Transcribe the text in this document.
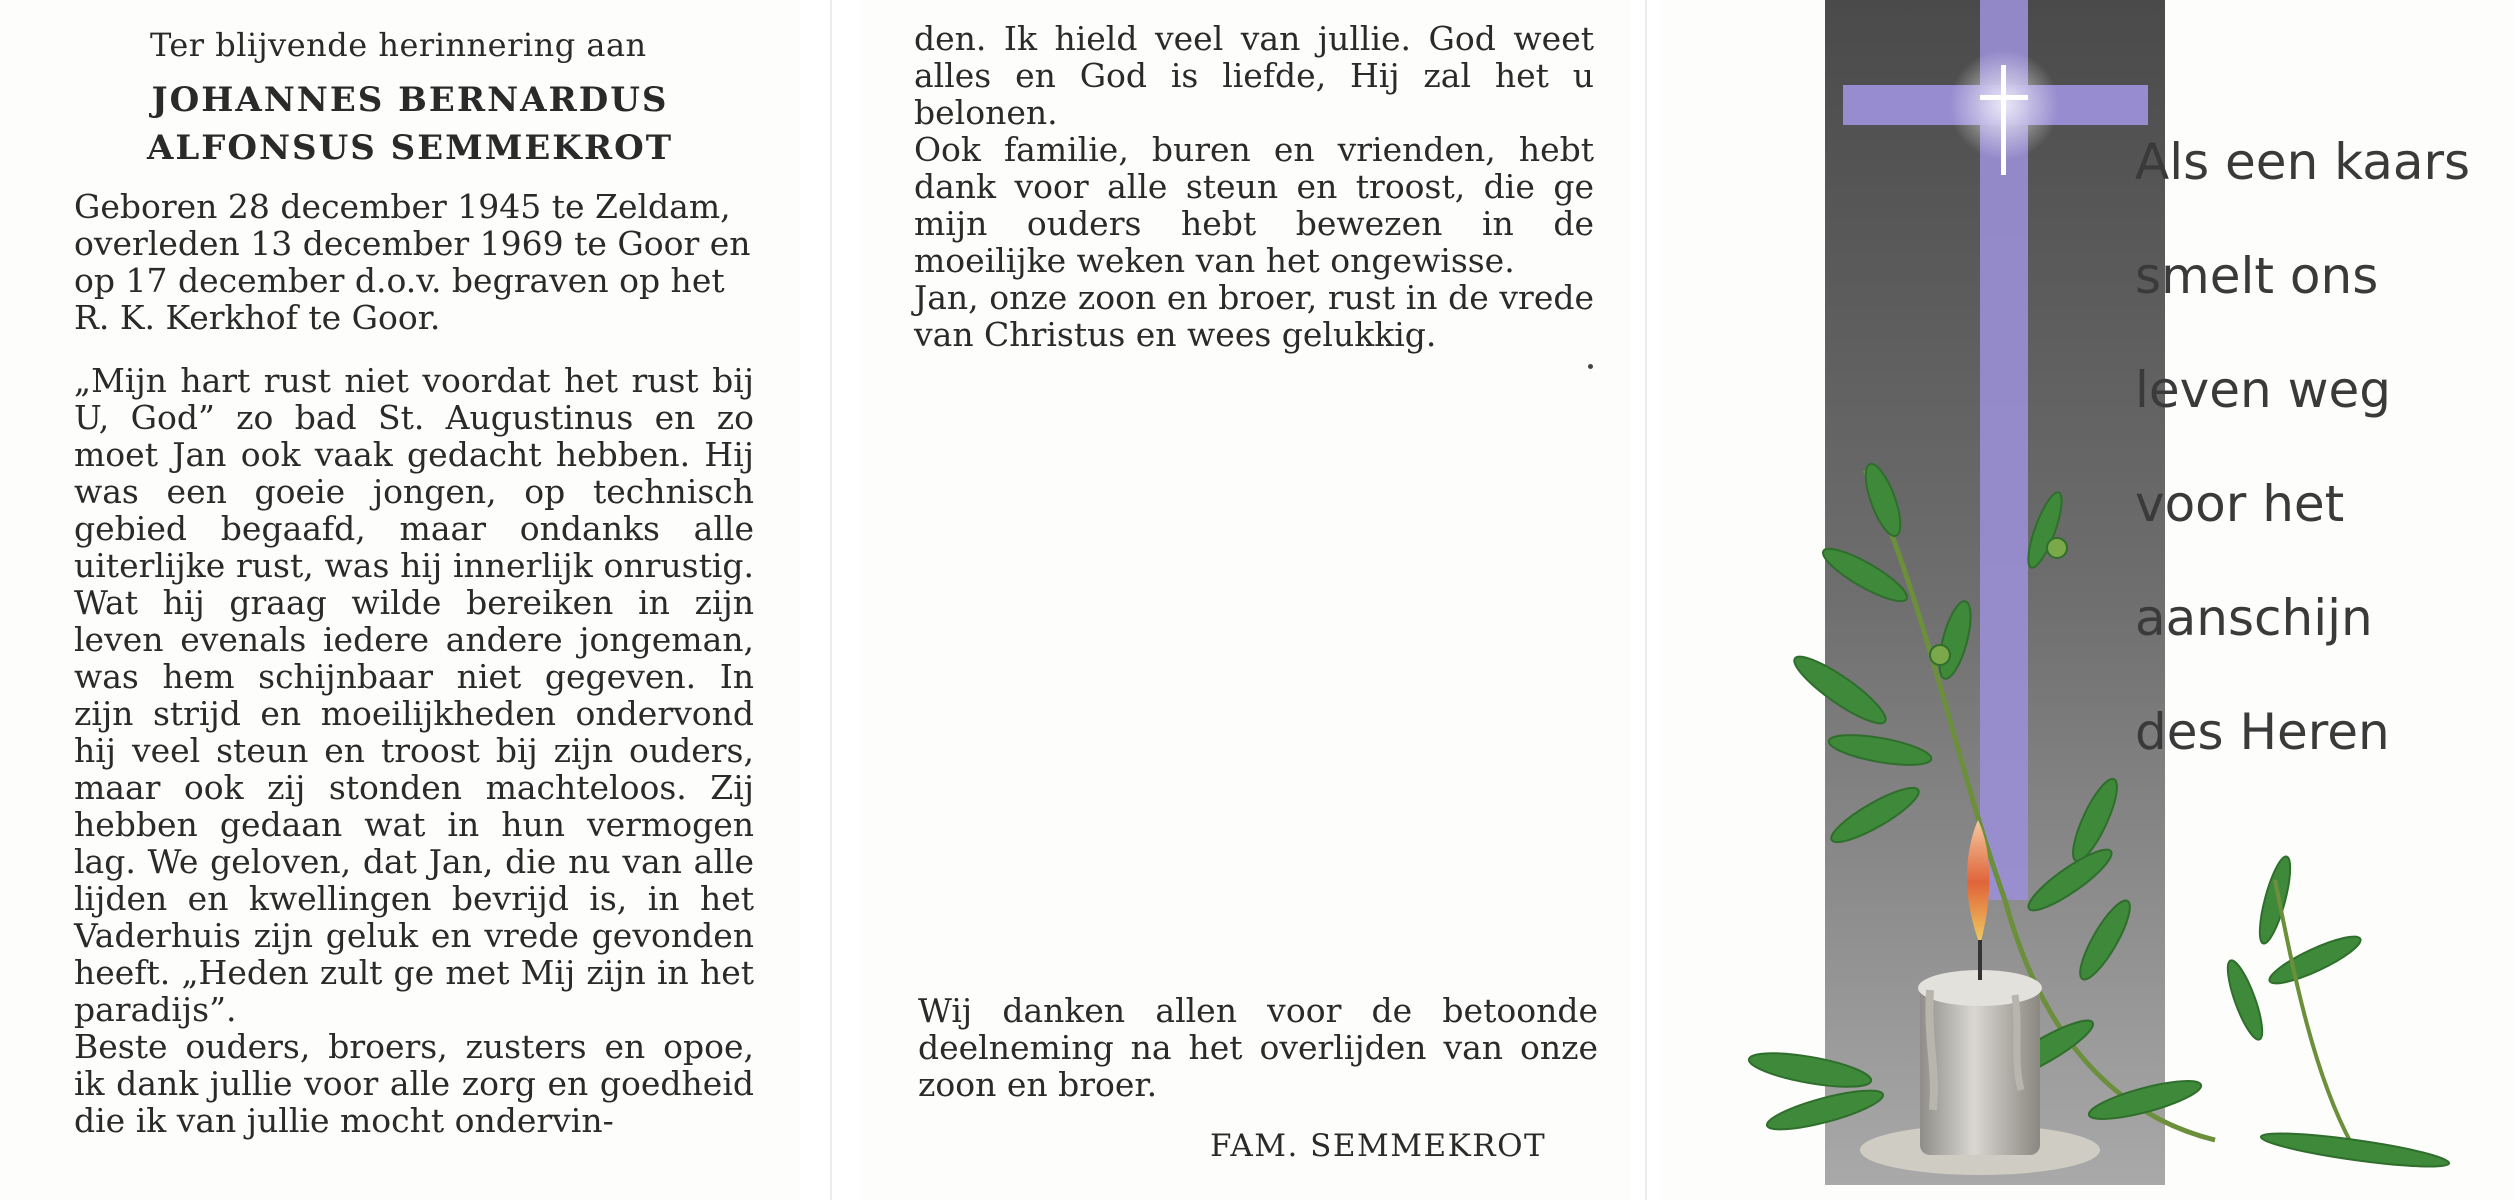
Ter blijvende herinnering aan
JOHANNES BERNARDUS
ALFONSUS SEMMEKROT

Geboren 28 december 1945 te Zeldam, overleden 13 december 1969 te Goor en op 17 december d.o.v. begraven op het R. K. Kerkhof te Goor.

„Mijn hart rust niet voordat het rust bij U, God” zo bad St. Augustinus en zo moet Jan ook vaak gedacht hebben. Hij was een goeie jongen, op technisch gebied begaafd, maar ondanks alle uiterlijke rust, was hij innerlijk onrustig. Wat hij graag wilde bereiken in zijn leven evenals iedere andere jongeman, was hem schijnbaar niet gegeven. In zijn strijd en moeilijkheden ondervond hij veel steun en troost bij zijn ouders, maar ook zij stonden machteloos. Zij hebben gedaan wat in hun vermogen lag. We geloven, dat Jan, die nu van alle lijden en kwellingen bevrijd is, in het Vaderhuis zijn geluk en vrede gevonden heeft. „Heden zult ge met Mij zijn in het paradijs”.
Beste ouders, broers, zusters en opoe, ik dank jullie voor alle zorg en goedheid die ik van jullie mocht ondervin-

den. Ik hield veel van jullie. God weet alles en God is liefde, Hij zal het u belonen.
Ook familie, buren en vrienden, hebt dank voor alle steun en troost, die ge mijn ouders hebt bewezen in de moeilijke weken van het ongewisse.
Jan, onze zoon en broer, rust in de vrede van Christus en wees gelukkig.

Wij danken allen voor de betoonde deelneming na het overlijden van onze zoon en broer.

FAM. SEMMEKROT
Als een kaars
smelt ons
leven weg
voor het
aanschijn
des Heren
